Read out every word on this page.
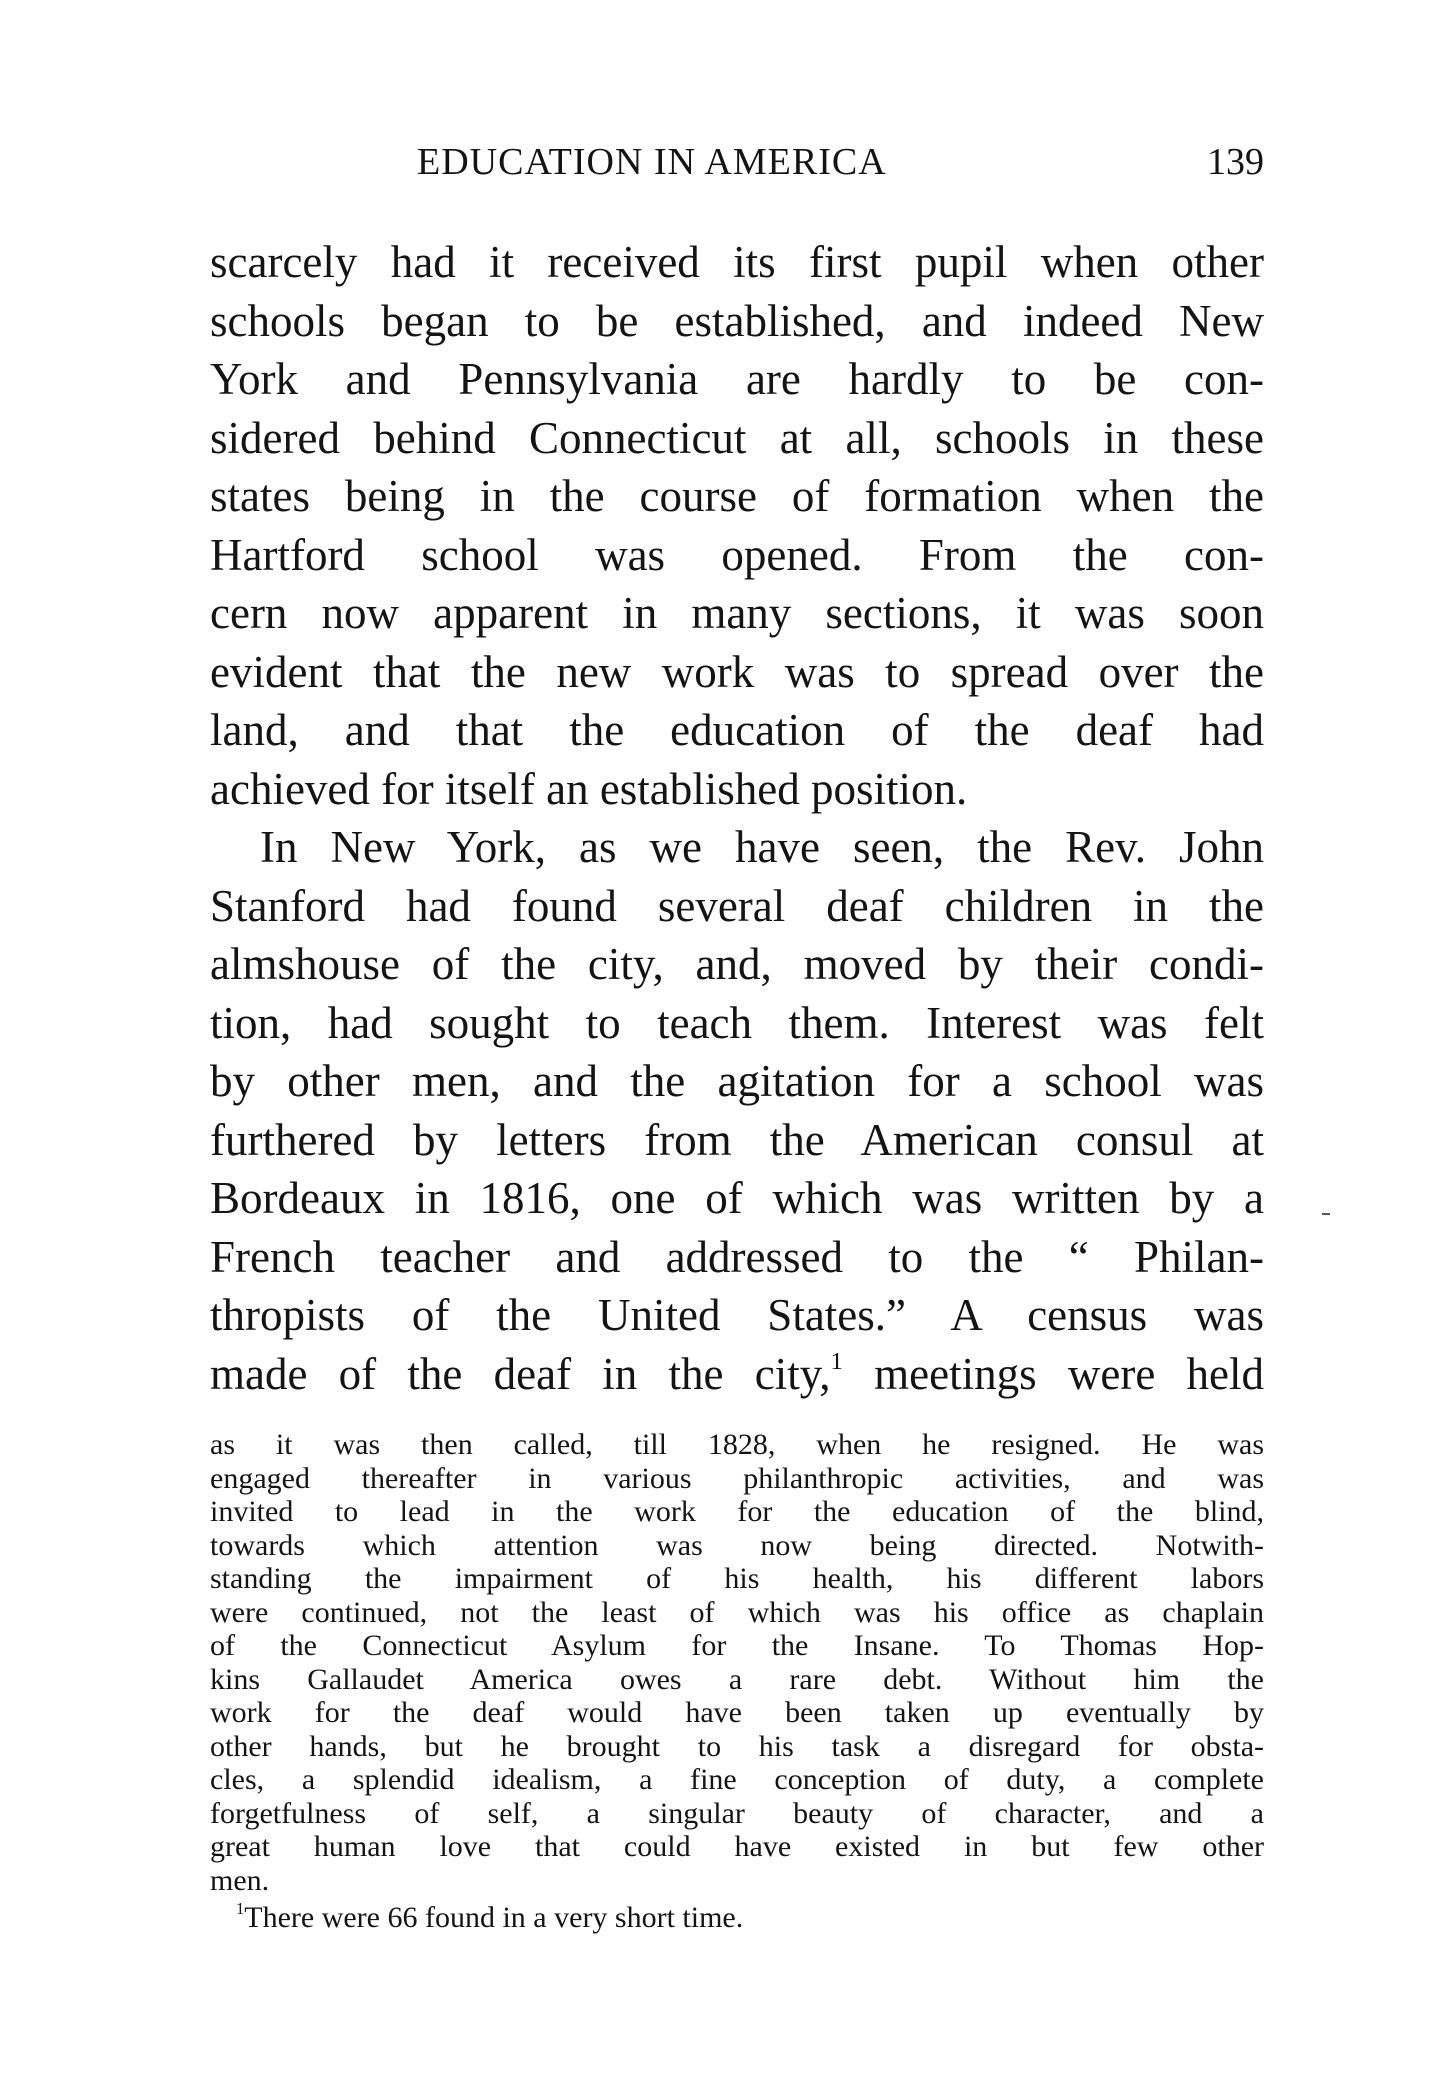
EDUCATION IN AMERICA	139
scarcely had it received its first pupil when other
schools began to be established, and indeed New
York and Pennsylvania are hardly to be con-
sidered behind Connecticut at all, schools in these
states being in the course of formation when the
Hartford school was opened. From the con-
cern now apparent in many sections, it was soon
evident that the new work was to spread over the
land, and that the education of the deaf had
achieved for itself an established position.
In New York, as we have seen, the Rev. John
Stanford had found several deaf children in the
almshouse of the city, and, moved by their condi-
tion, had sought to teach them. Interest was felt
by other men, and the agitation for a school was
furthered by letters from the American consul at
Bordeaux in 1816, one of which was written by a
French teacher and addressed to the “ Philan-
thropists of the United States.” A census was
made of the deaf in the city,$^1$ meetings were held
as it was then called, till 1828, when he resigned. He was
engaged thereafter in various philanthropic activities, and was
invited to lead in the work for the education of the blind,
towards which attention was now being directed. Notwith-
standing the impairment of his health, his different labors
were continued, not the least of which was his office as chaplain
of the Connecticut Asylum for the Insane. To Thomas Hop-
kins Gallaudet America owes a rare debt. Without him the
work for the deaf would have been taken up eventually by
other hands, but he brought to his task a disregard for obsta-
cles, a splendid idealism, a fine conception of duty, a complete
forgetfulness of self, a singular beauty of character, and a
great human love that could have existed in but few other
men.
$^1$There were 66 found in a very short time.
